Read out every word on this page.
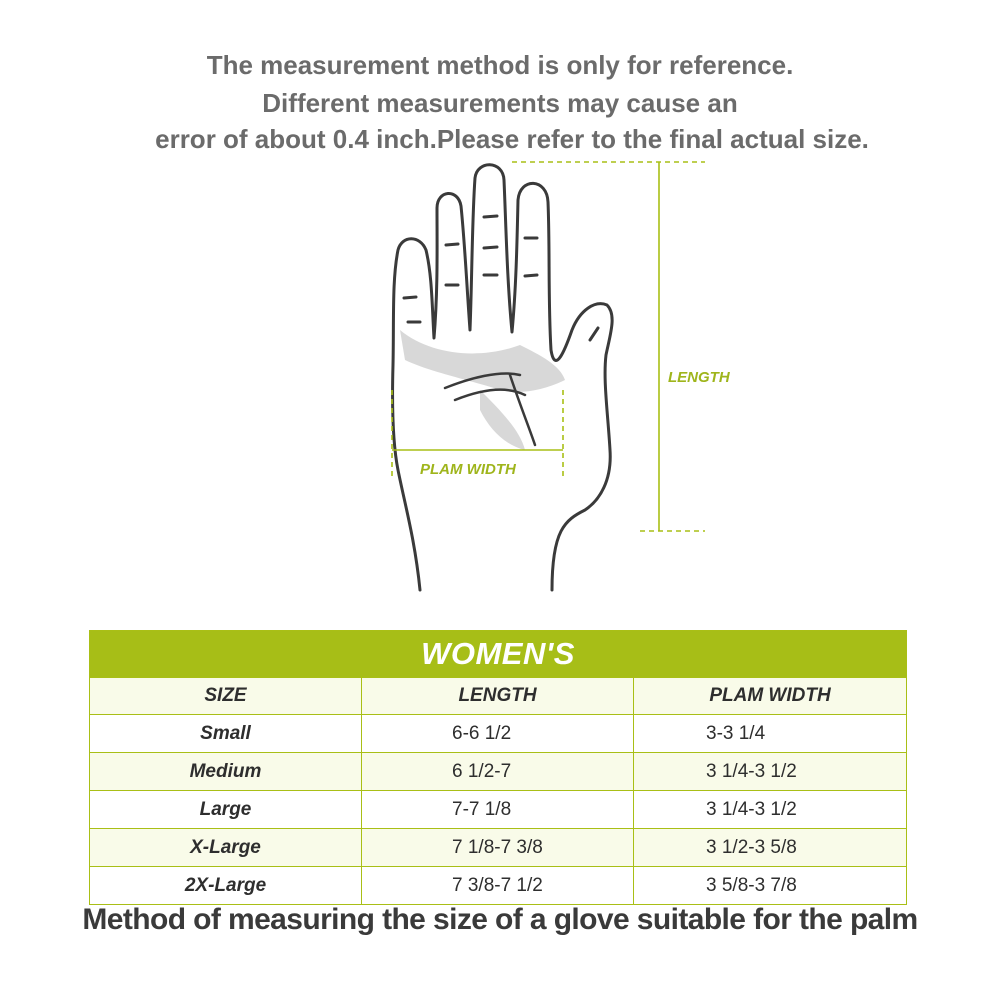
The measurement method is only for reference.

Different measurements may cause an

error of about 0.4 inch.Please refer to the final actual size.

LENGTH
PLAM WIDTH
WOMEN'S		
SIZE	LENGTH	PLAM WIDTH
Small	6-6 1/2	3-3 1/4
Medium	6 1/2-7	3 1/4-3 1/2
Large	7-7 1/8	3 1/4-3 1/2
X-Large	7 1/8-7 3/8	3 1/2-3 5/8
2X-Large	7 3/8-7 1/2	3 5/8-3 7/8

Method of measuring the size of a glove suitable for the palm
